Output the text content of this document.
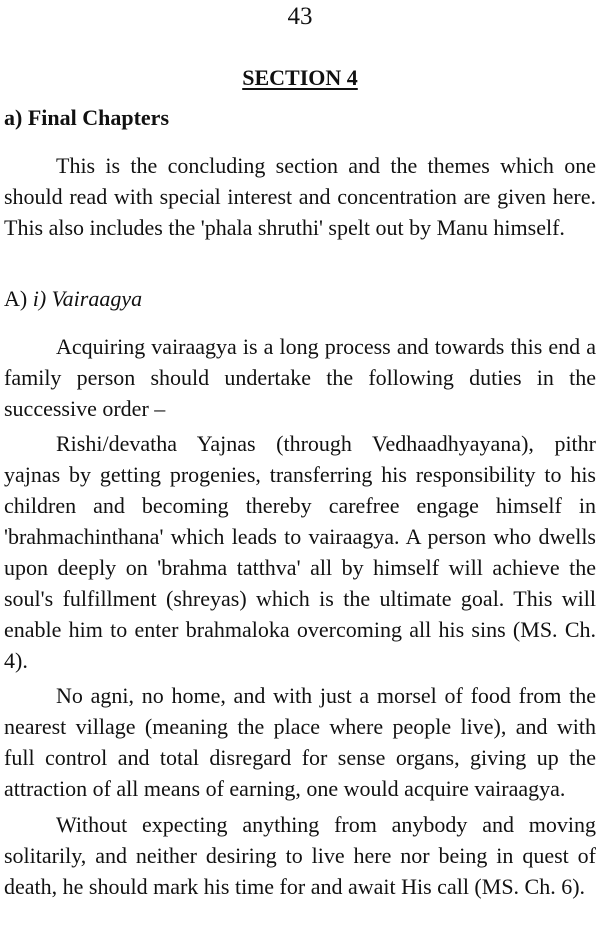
43
SECTION 4
a) Final Chapters

This is the concluding section and the themes which one should read with special interest and concentration are given here. This also includes the 'phala shruthi' spelt out by Manu himself.

A) i) Vairaagya

Acquiring vairaagya is a long process and towards this end a family person should undertake the following duties in the successive order –

Rishi/devatha Yajnas (through Vedhaadhyayana), pithr yajnas by getting progenies, transferring his responsibility to his children and becoming thereby carefree engage himself in 'brahmachinthana' which leads to vairaagya. A person who dwells upon deeply on 'brahma tatthva' all by himself will achieve the soul's fulfillment (shreyas) which is the ultimate goal. This will enable him to enter brahmaloka overcoming all his sins (MS. Ch. 4).

No agni, no home, and with just a morsel of food from the nearest village (meaning the place where people live), and with full control and total disregard for sense organs, giving up the attraction of all means of earning, one would acquire vairaagya.

Without expecting anything from anybody and moving solitarily, and neither desiring to live here nor being in quest of death, he should mark his time for and await His call (MS. Ch. 6).
